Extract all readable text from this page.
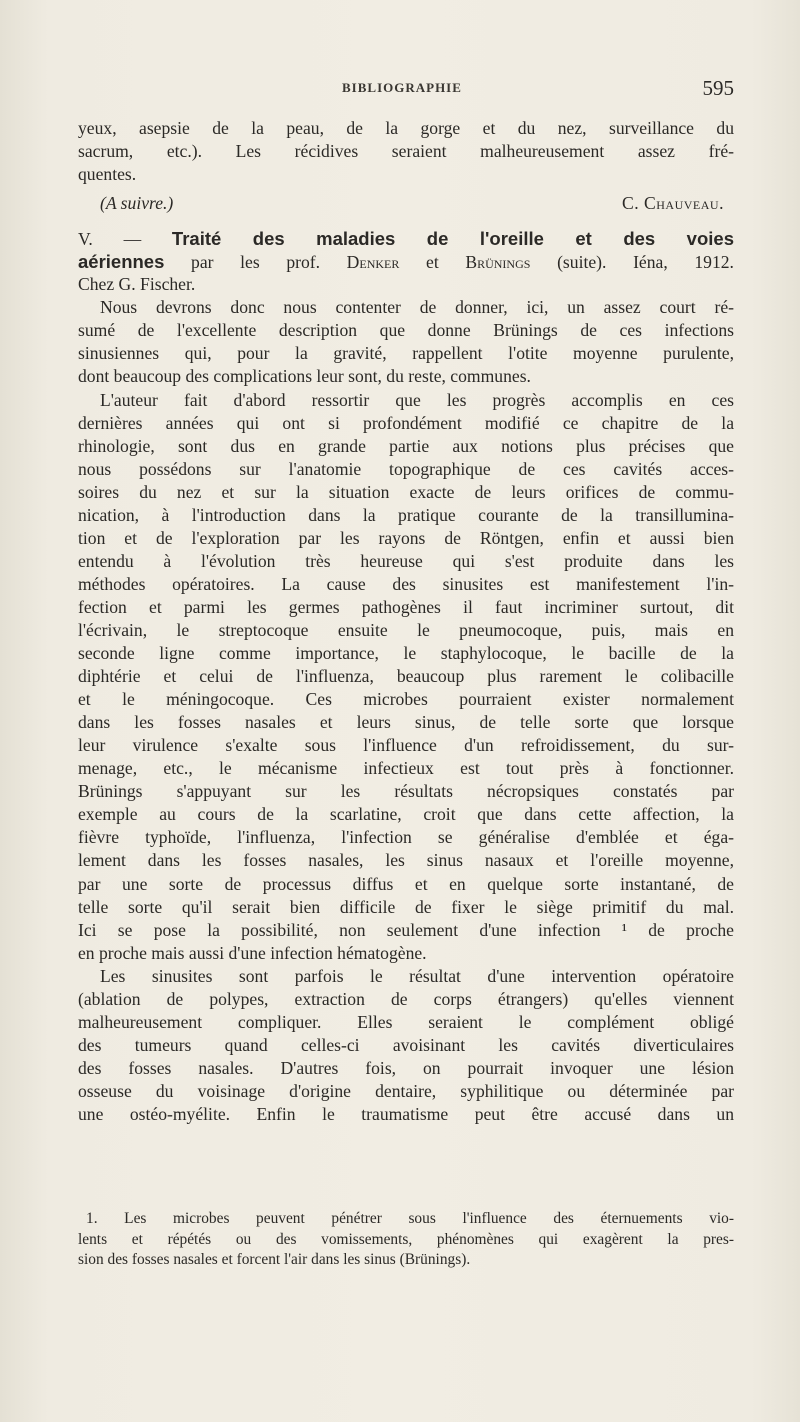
BIBLIOGRAPHIE	595
yeux, asepsie de la peau, de la gorge et du nez, surveillance du
sacrum, etc.). Les récidives seraient malheureusement assez fré-
quentes.
(A suivre.)	C. Chauveau.
V. — Traité des maladies de l'oreille et des voies
aériennes par les prof. Denker et Brünings (suite). Iéna, 1912.
Chez G. Fischer.
Nous devrons donc nous contenter de donner, ici, un assez court ré-
sumé de l'excellente description que donne Brünings de ces infections
sinusiennes qui, pour la gravité, rappellent l'otite moyenne purulente,
dont beaucoup des complications leur sont, du reste, communes.
L'auteur fait d'abord ressortir que les progrès accomplis en ces
dernières années qui ont si profondément modifié ce chapitre de la
rhinologie, sont dus en grande partie aux notions plus précises que
nous possédons sur l'anatomie topographique de ces cavités acces-
soires du nez et sur la situation exacte de leurs orifices de commu-
nication, à l'introduction dans la pratique courante de la transillumina-
tion et de l'exploration par les rayons de Röntgen, enfin et aussi bien
entendu à l'évolution très heureuse qui s'est produite dans les
méthodes opératoires. La cause des sinusites est manifestement l'in-
fection et parmi les germes pathogènes il faut incriminer surtout, dit
l'écrivain, le streptocoque ensuite le pneumocoque, puis, mais en
seconde ligne comme importance, le staphylocoque, le bacille de la
diphtérie et celui de l'influenza, beaucoup plus rarement le colibacille
et le méningocoque. Ces microbes pourraient exister normalement
dans les fosses nasales et leurs sinus, de telle sorte que lorsque
leur virulence s'exalte sous l'influence d'un refroidissement, du sur-
menage, etc., le mécanisme infectieux est tout près à fonctionner.
Brünings s'appuyant sur les résultats nécropsiques constatés par
exemple au cours de la scarlatine, croit que dans cette affection, la
fièvre typhoïde, l'influenza, l'infection se généralise d'emblée et éga-
lement dans les fosses nasales, les sinus nasaux et l'oreille moyenne,
par une sorte de processus diffus et en quelque sorte instantané, de
telle sorte qu'il serait bien difficile de fixer le siège primitif du mal.
Ici se pose la possibilité, non seulement d'une infection ¹ de proche
en proche mais aussi d'une infection hématogène.
Les sinusites sont parfois le résultat d'une intervention opératoire
(ablation de polypes, extraction de corps étrangers) qu'elles viennent
malheureusement compliquer. Elles seraient le complément obligé
des tumeurs quand celles-ci avoisinant les cavités diverticulaires
des fosses nasales. D'autres fois, on pourrait invoquer une lésion
osseuse du voisinage d'origine dentaire, syphilitique ou déterminée par
une ostéo-myélite. Enfin le traumatisme peut être accusé dans un
1. Les microbes peuvent pénétrer sous l'influence des éternuements vio-
lents et répétés ou des vomissements, phénomènes qui exagèrent la pres-
sion des fosses nasales et forcent l'air dans les sinus (Brünings).
